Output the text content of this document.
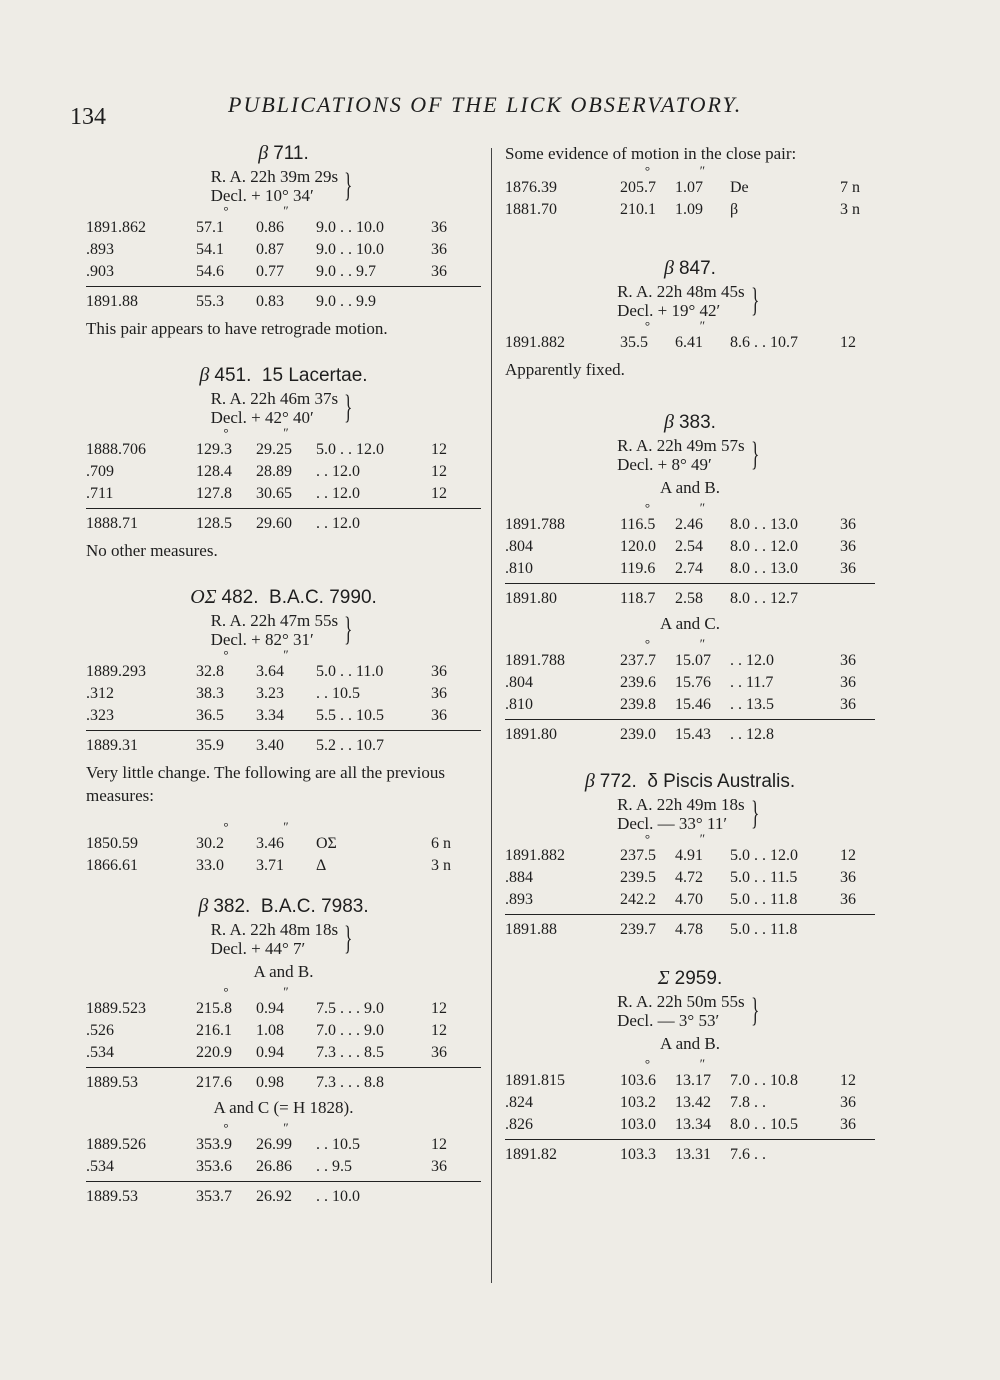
134	PUBLICATIONS OF THE LICK OBSERVATORY.
β 711.
R. A. 22h 39m 29s
Decl. + 10° 34′ }
°	″
1891.862	57.1	0.86	9.0 . . 10.0	36
.893	54.1	0.87	9.0 . . 10.0	36
.903	54.6	0.77	9.0 . . 9.7	36
1891.88	55.3	0.83	9.0 . . 9.9
This pair appears to have retrograde motion.
β 451.  15 Lacertae.
R. A. 22h 46m 37s
Decl. + 42° 40′ }
°	″
1888.706	129.3	29.25	5.0 . . 12.0	12
.709	128.4	28.89	. . 12.0	12
.711	127.8	30.65	. . 12.0	12
1888.71	128.5	29.60	. . 12.0
No other measures.
ΟΣ 482.  B.A.C. 7990.
R. A. 22h 47m 55s
Decl. + 82° 31′ }
°	″
1889.293	32.8	3.64	5.0 . . 11.0	36
.312	38.3	3.23	. . 10.5	36
.323	36.5	3.34	5.5 . . 10.5	36
1889.31	35.9	3.40	5.2 . . 10.7
Very little change. The following are all the previous measures:
°	″
1850.59	30.2	3.46	ΟΣ	6 n
1866.61	33.0	3.71	Δ	3 n
β 382.  B.A.C. 7983.
R. A. 22h 48m 18s
Decl. + 44° 7′	}
A and B.
°	″
1889.523	215.8	0.94	7.5 . . . 9.0	12
.526	216.1	1.08	7.0 . . . 9.0	12
.534	220.9	0.94	7.3 . . . 8.5	36
1889.53	217.6	0.98	7.3 . . . 8.8
A and C (= H 1828).
°	″
1889.526	353.9	26.99	. . 10.5	12
.534	353.6	26.86	. . 9.5	36
1889.53	353.7	26.92	. . 10.0
Some evidence of motion in the close pair:
°	″
1876.39	205.7	1.07	De	7 n
1881.70	210.1	1.09	β	3 n
β 847.
R. A. 22h 48m 45s
Decl. + 19° 42′ }
°	″
1891.882	35.5	6.41	8.6 . . 10.7	12
Apparently fixed.
β 383.
R. A. 22h 49m 57s
Decl. + 8° 49′	}
A and B.
°	″
1891.788	116.5	2.46	8.0 . . 13.0	36
.804	120.0	2.54	8.0 . . 12.0	36
.810	119.6	2.74	8.0 . . 13.0	36
1891.80	118.7	2.58	8.0 . . 12.7
A and C.
°	″
1891.788	237.7	15.07	. . 12.0	36
.804	239.6	15.76	. . 11.7	36
.810	239.8	15.46	. . 13.5	36
1891.80	239.0	15.43	. . 12.8
β 772.  δ Piscis Australis.
R. A. 22h 49m 18s
Decl. — 33° 11′ }
°	″
1891.882	237.5	4.91	5.0 . . 12.0	12
.884	239.5	4.72	5.0 . . 11.5	36
.893	242.2	4.70	5.0 . . 11.8	36
1891.88	239.7	4.78	5.0 . . 11.8
Σ 2959.
R. A. 22h 50m 55s
Decl. — 3° 53′ }
A and B.
°	″
1891.815	103.6	13.17	7.0 . . 10.8	12
.824	103.2	13.42	7.8 . .	36
.826	103.0	13.34	8.0 . . 10.5	36
1891.82	103.3	13.31	7.6 . .
